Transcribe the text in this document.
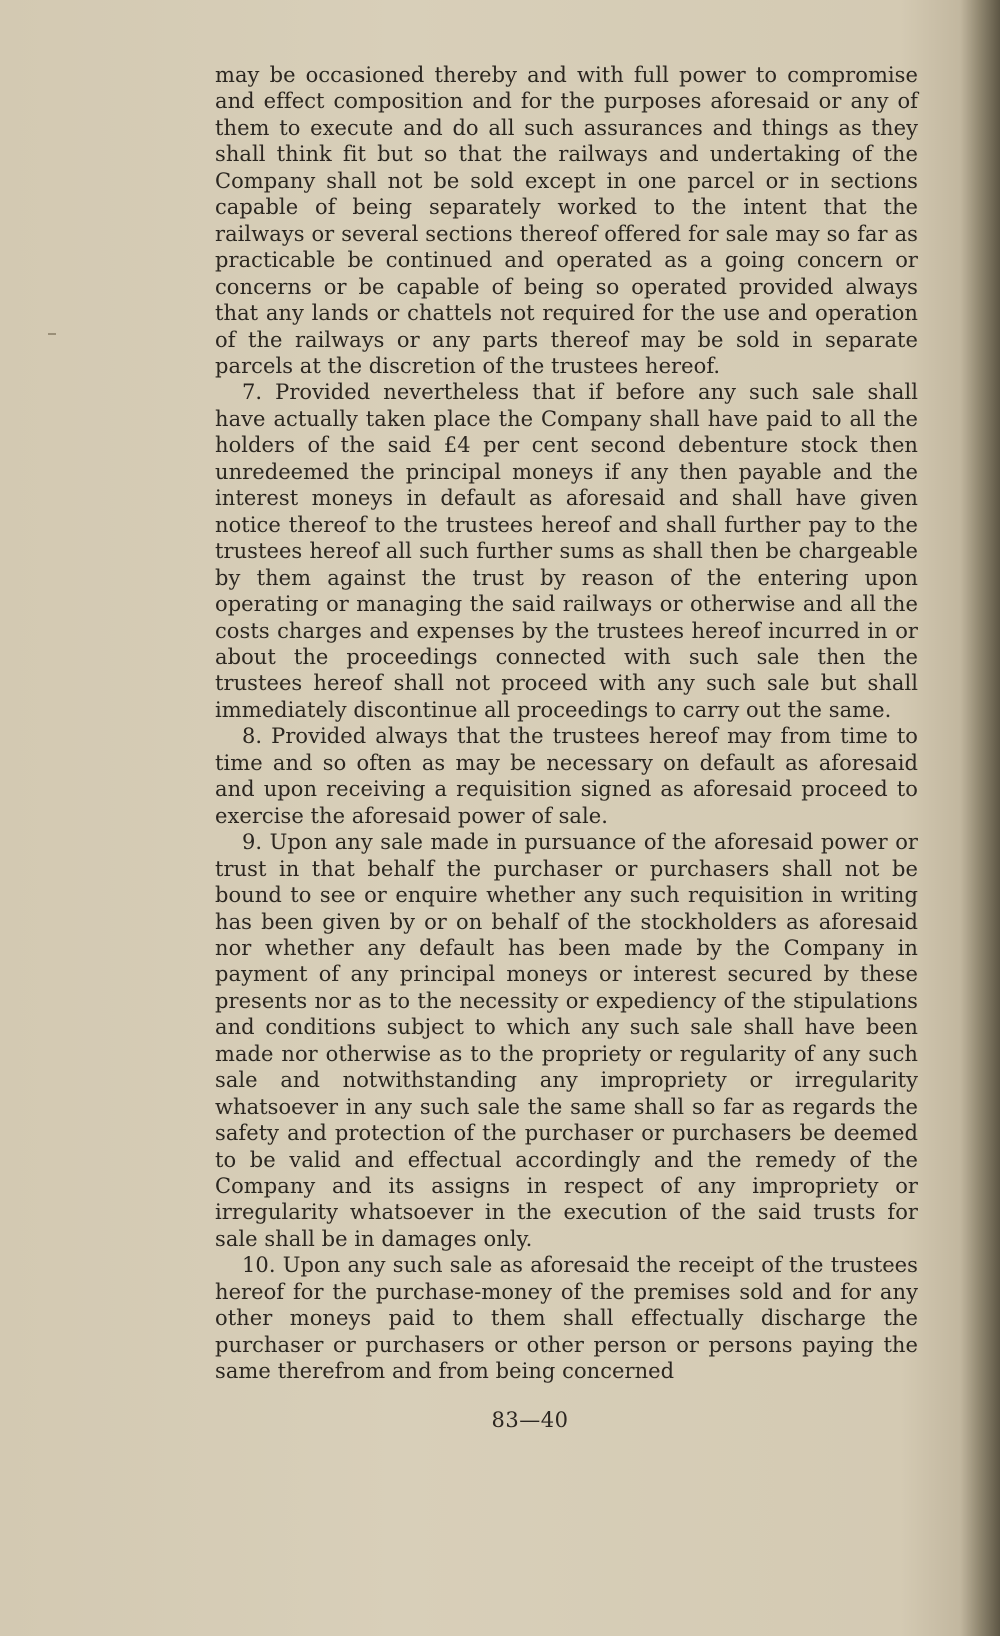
may be occasioned thereby and with full power to compromise and effect composition and for the purposes aforesaid or any of them to execute and do all such assurances and things as they shall think fit but so that the railways and undertaking of the Company shall not be sold except in one parcel or in sections capable of being separately worked to the intent that the railways or several sections thereof offered for sale may so far as practicable be continued and operated as a going concern or concerns or be capable of being so operated provided always that any lands or chattels not required for the use and operation of the railways or any parts thereof may be sold in separate parcels at the discretion of the trustees hereof.

7. Provided nevertheless that if before any such sale shall have actually taken place the Company shall have paid to all the holders of the said £4 per cent second debenture stock then unredeemed the principal moneys if any then payable and the interest moneys in default as aforesaid and shall have given notice thereof to the trustees hereof and shall further pay to the trustees hereof all such further sums as shall then be chargeable by them against the trust by reason of the entering upon operating or managing the said railways or otherwise and all the costs charges and expenses by the trustees hereof incurred in or about the proceedings connected with such sale then the trustees hereof shall not proceed with any such sale but shall immediately discontinue all proceedings to carry out the same.

8. Provided always that the trustees hereof may from time to time and so often as may be necessary on default as aforesaid and upon receiving a requisition signed as aforesaid proceed to exercise the aforesaid power of sale.

9. Upon any sale made in pursuance of the aforesaid power or trust in that behalf the purchaser or purchasers shall not be bound to see or enquire whether any such requisition in writing has been given by or on behalf of the stockholders as aforesaid nor whether any default has been made by the Company in payment of any principal moneys or interest secured by these presents nor as to the necessity or expediency of the stipulations and conditions subject to which any such sale shall have been made nor otherwise as to the propriety or regularity of any such sale and notwithstanding any impropriety or irregularity whatsoever in any such sale the same shall so far as regards the safety and protection of the purchaser or purchasers be deemed to be valid and effectual accordingly and the remedy of the Company and its assigns in respect of any impropriety or irregularity whatsoever in the execution of the said trusts for sale shall be in damages only.

10. Upon any such sale as aforesaid the receipt of the trustees hereof for the purchase-money of the premises sold and for any other moneys paid to them shall effectually discharge the purchaser or purchasers or other person or persons paying the same therefrom and from being concerned

83—40
